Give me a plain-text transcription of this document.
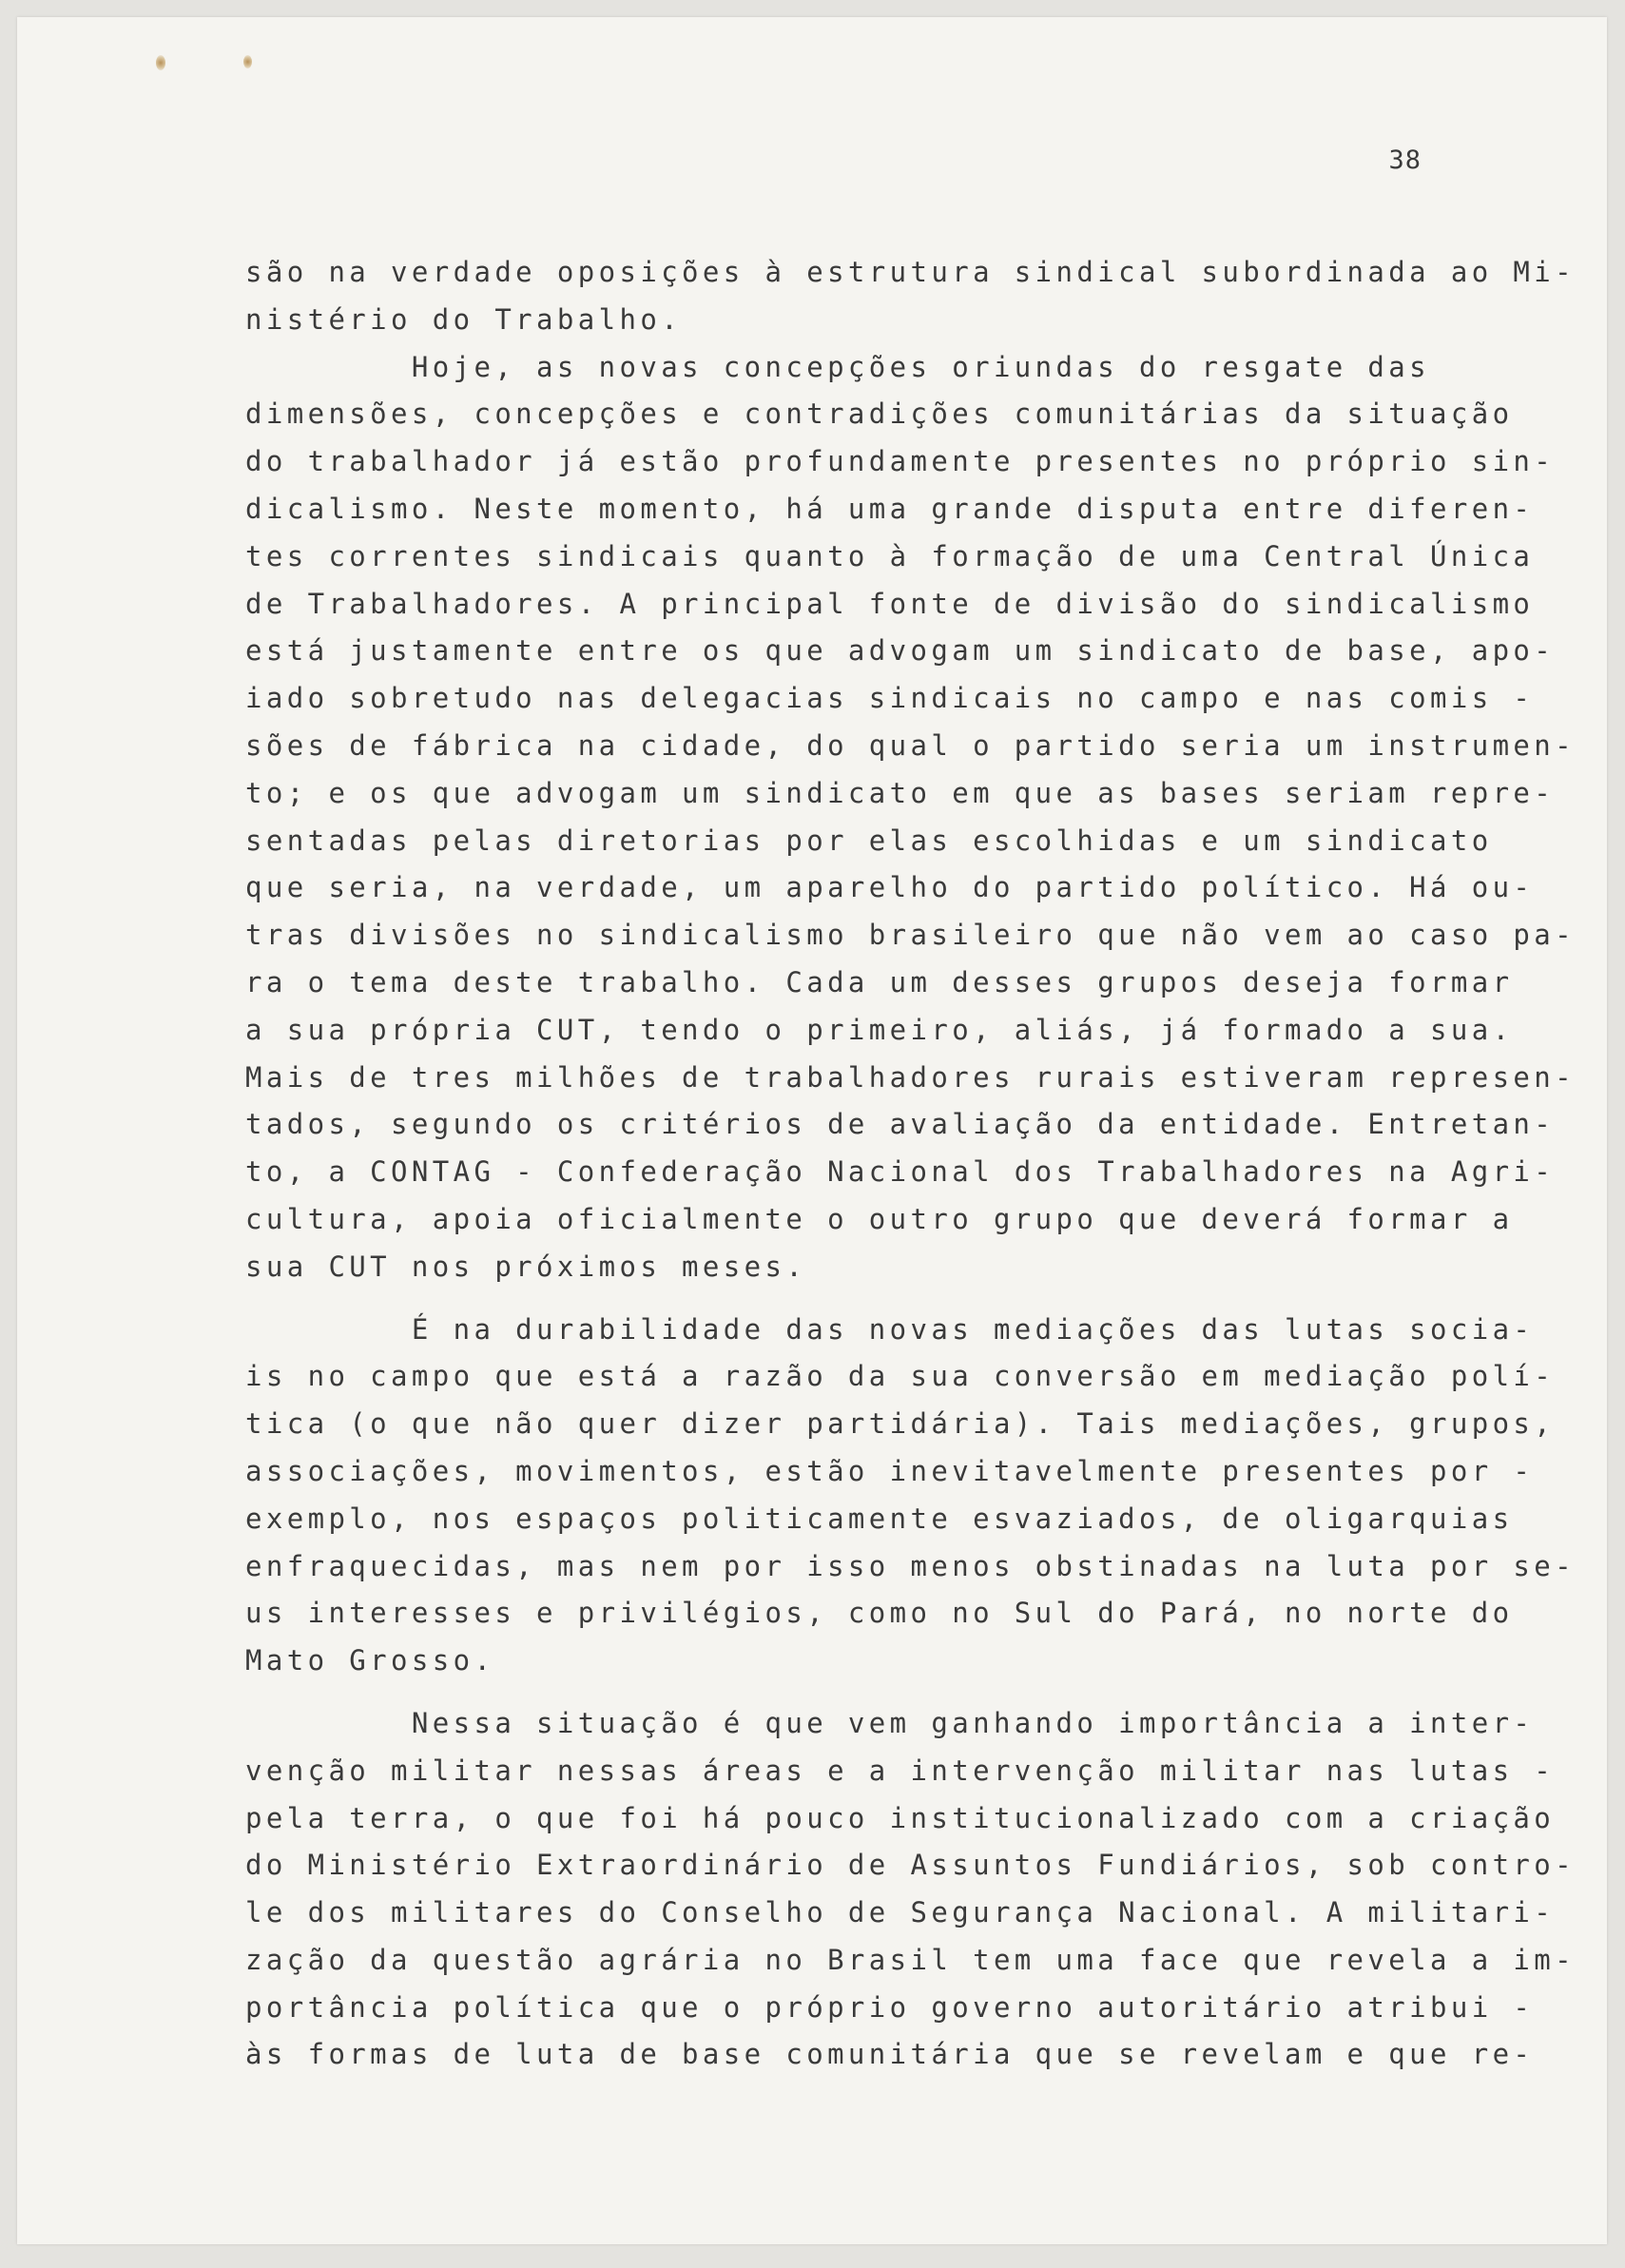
38
são na verdade oposições à estrutura sindical subordinada ao Mi-
nistério do Trabalho.
Hoje, as novas concepções oriundas do resgate das
dimensões, concepções e contradições comunitárias da situação
do trabalhador já estão profundamente presentes no próprio sin-
dicalismo. Neste momento, há uma grande disputa entre diferen-
tes correntes sindicais quanto à formação de uma Central Única
de Trabalhadores. A principal fonte de divisão do sindicalismo
está justamente entre os que advogam um sindicato de base, apo-
iado sobretudo nas delegacias sindicais no campo e nas comis -
sões de fábrica na cidade, do qual o partido seria um instrumen-
to; e os que advogam um sindicato em que as bases seriam repre-
sentadas pelas diretorias por elas escolhidas e um sindicato
que seria, na verdade, um aparelho do partido político. Há ou-
tras divisões no sindicalismo brasileiro que não vem ao caso pa-
ra o tema deste trabalho. Cada um desses grupos deseja formar
a sua própria CUT, tendo o primeiro, aliás, já formado a sua.
Mais de tres milhões de trabalhadores rurais estiveram represen-
tados, segundo os critérios de avaliação da entidade. Entretan-
to, a CONTAG - Confederação Nacional dos Trabalhadores na Agri-
cultura, apoia oficialmente o outro grupo que deverá formar a
sua CUT nos próximos meses.
É na durabilidade das novas mediações das lutas socia-
is no campo que está a razão da sua conversão em mediação polí-
tica (o que não quer dizer partidária). Tais mediações, grupos,
associações, movimentos, estão inevitavelmente presentes por -
exemplo, nos espaços politicamente esvaziados, de oligarquias
enfraquecidas, mas nem por isso menos obstinadas na luta por se-
us interesses e privilégios, como no Sul do Pará, no norte do
Mato Grosso.
Nessa situação é que vem ganhando importância a inter-
venção militar nessas áreas e a intervenção militar nas lutas -
pela terra, o que foi há pouco institucionalizado com a criação
do Ministério Extraordinário de Assuntos Fundiários, sob contro-
le dos militares do Conselho de Segurança Nacional. A militari-
zação da questão agrária no Brasil tem uma face que revela a im-
portância política que o próprio governo autoritário atribui -
às formas de luta de base comunitária que se revelam e que re-
